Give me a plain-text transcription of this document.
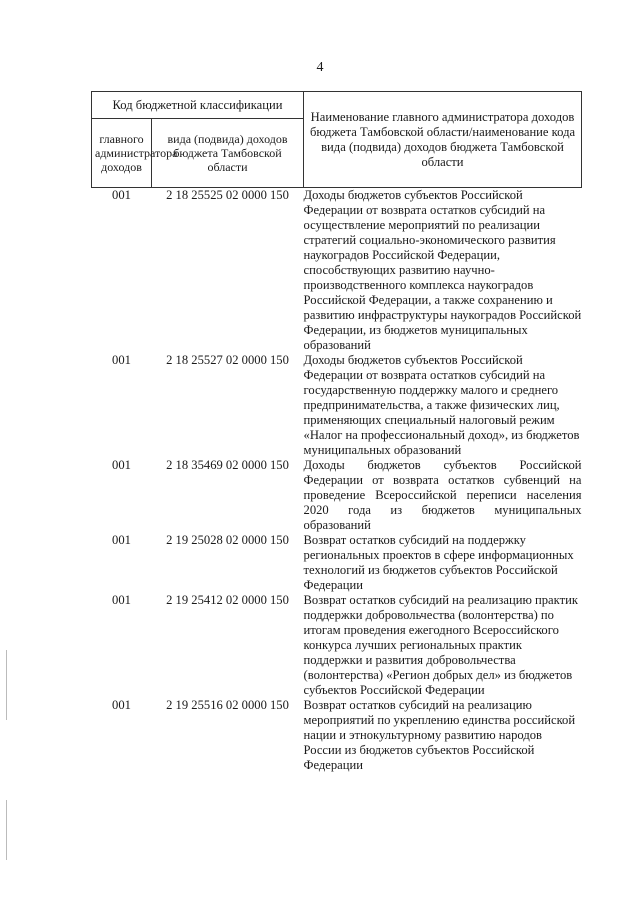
4
Код бюджетной классификации		Наименование главного администратора доходов бюджета Тамбовской области/наименование кода вида (подвида) доходов бюджета Тамбовской области
главного администратора доходов	вида (подвида) доходов бюджета Тамбовской области	
001	2 18 25525 02 0000 150	Доходы бюджетов субъектов Российской Федерации от возврата остатков субсидий на осуществление мероприятий по реализации стратегий социально-экономического развития наукоградов Российской Федерации, способствующих развитию научно-производственного комплекса наукоградов Российской Федерации, а также сохранению и развитию инфраструктуры наукоградов Российской Федерации, из бюджетов муниципальных образований
001	2 18 25527 02 0000 150	Доходы бюджетов субъектов Российской Федерации от возврата остатков субсидий на государственную поддержку малого и среднего предпринимательства, а также физических лиц, применяющих специальный налоговый режим «Налог на профессиональный доход», из бюджетов муниципальных образований
001	2 18 35469 02 0000 150	Доходы бюджетов субъектов Российской Федерации от возврата остатков субвенций на проведение Всероссийской переписи населения 2020 года из бюджетов муниципальных образований
001	2 19 25028 02 0000 150	Возврат остатков субсидий на поддержку региональных проектов в сфере информационных технологий из бюджетов субъектов Российской Федерации
001	2 19 25412 02 0000 150	Возврат остатков субсидий на реализацию практик поддержки добровольчества (волонтерства) по итогам проведения ежегодного Всероссийского конкурса лучших региональных практик поддержки и развития добровольчества (волонтерства) «Регион добрых дел» из бюджетов субъектов Российской Федерации
001	2 19 25516 02 0000 150	Возврат остатков субсидий на реализацию мероприятий по укреплению единства российской нации и этнокультурному развитию народов России из бюджетов субъектов Российской Федерации
